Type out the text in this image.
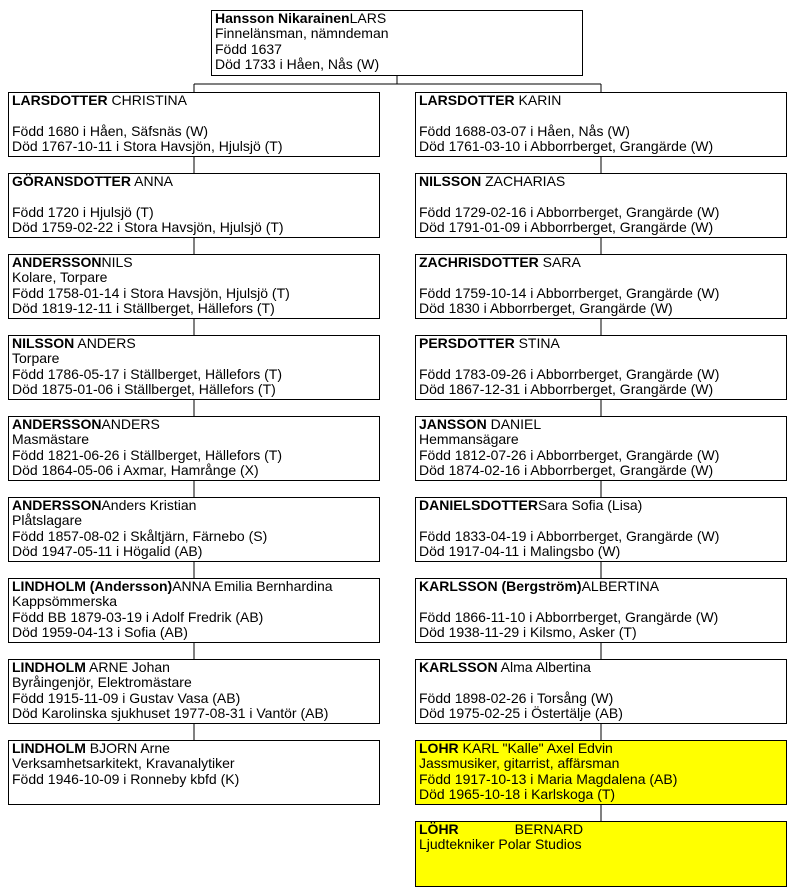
Hansson NikarainenLARS
Finnelänsman, nämndeman
Född 1637
Död 1733 i Håen, Nås (W)
LARSDOTTER CHRISTINA
Född 1680 i Håen, Säfsnäs (W)
Död 1767-10-11 i Stora Havsjön, Hjulsjö (T)
GÖRANSDOTTER ANNA
Född 1720 i Hjulsjö (T)
Död 1759-02-22 i Stora Havsjön, Hjulsjö (T)
ANDERSSONNILS
Kolare, Torpare
Född 1758-01-14 i Stora Havsjön, Hjulsjö (T)
Död 1819-12-11 i Ställberget, Hällefors (T)
NILSSON ANDERS
Torpare
Född 1786-05-17 i Ställberget, Hällefors (T)
Död 1875-01-06 i Ställberget, Hällefors (T)
ANDERSSONANDERS
Masmästare
Född 1821-06-26 i Ställberget, Hällefors (T)
Död 1864-05-06 i Axmar, Hamrånge (X)
ANDERSSONAnders Kristian
Plåtslagare
Född 1857-08-02 i Skåltjärn, Färnebo (S)
Död 1947-05-11 i Högalid (AB)
LINDHOLM (Andersson)ANNA Emilia Bernhardina
Kappsömmerska
Född BB 1879-03-19 i Adolf Fredrik (AB)
Död 1959-04-13 i Sofia (AB)
LINDHOLM ARNE Johan
Byråingenjör, Elektromästare
Född 1915-11-09 i Gustav Vasa (AB)
Död Karolinska sjukhuset 1977-08-31 i Vantör (AB)
LINDHOLM BJORN Arne
Verksamhetsarkitekt, Kravanalytiker
Född 1946-10-09 i Ronneby kbfd (K)
LARSDOTTER KARIN
Född 1688-03-07 i Håen, Nås (W)
Död 1761-03-10 i Abborrberget, Grangärde (W)
NILSSON ZACHARIAS
Född 1729-02-16 i Abborrberget, Grangärde (W)
Död 1791-01-09 i Abborrberget, Grangärde (W)
ZACHRISDOTTER SARA
Född 1759-10-14 i Abborrberget, Grangärde (W)
Död 1830 i Abborrberget, Grangärde (W)
PERSDOTTER STINA
Född 1783-09-26 i Abborrberget, Grangärde (W)
Död 1867-12-31 i Abborrberget, Grangärde (W)
JANSSON DANIEL
Hemmansägare
Född 1812-07-26 i Abborrberget, Grangärde (W)
Död 1874-02-16 i Abborrberget, Grangärde (W)
DANIELSDOTTERSara Sofia (Lisa)
Född 1833-04-19 i Abborrberget, Grangärde (W)
Död 1917-04-11 i Malingsbo (W)
KARLSSON (Bergström)ALBERTINA
Född 1866-11-10 i Abborrberget, Grangärde (W)
Död 1938-11-29 i Kilsmo, Asker (T)
KARLSSON Alma Albertina
Född 1898-02-26 i Torsång (W)
Död 1975-02-25 i Östertälje (AB)
LOHR KARL "Kalle" Axel Edvin
Jassmusiker, gitarrist, affärsman
Född 1917-10-13 i Maria Magdalena (AB)
Död 1965-10-18 i Karlskoga (T)
LÖHR	BERNARD
Ljudtekniker Polar Studios
